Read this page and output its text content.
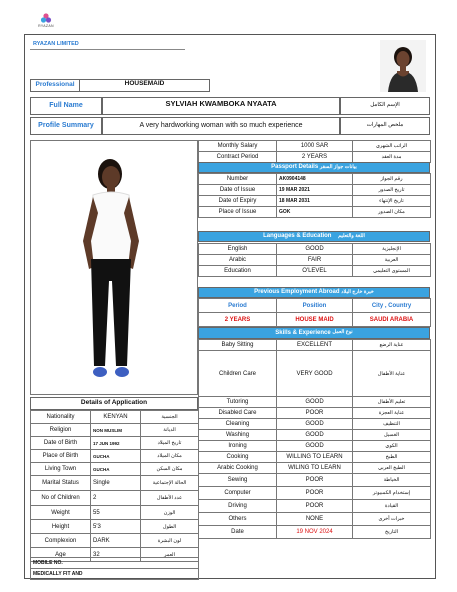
RYAZAN
RYAZAN LIMITED
Professional	HOUSEMAID
Full Name	SYLVIAH KWAMBOKA NYAATA	الإسم الكامل
Profile Summary	A very hardworking woman with so much experience	ملخص المهارات
Monthly Salary	1000 SAR	الراتب الشهري
Contract Period	2 YEARS	مدة العقد
Passport Details
بيانات جواز السفر
Number	AK0904148	رقم الجواز
Date of Issue	19 MAR 2021	تاريخ الصدور
Date of Expiry	18 MAR 2031	تاريخ الإنتهاء
Place of Issue	GOK	مكان الصدور
Languages & Education
اللغة والتعليم
English	GOOD	الإنجليزية
Arabic	FAIR	العربية
Education	O'LEVEL	المستوى التعليمي
Previous Employment Abroad
خبرة خارج البلاد
Period	Position	City , Country
2 YEARS	HOUSE MAID	SAUDI ARABIA
Skills & Experience
نوع العمل
Baby Sitting	EXCELLENT	عناية الرضع
Children Care	VERY GOOD	عناية الأطفال
Tutoring	GOOD	تعليم الأطفال
Disabled Care	POOR	عناية العجزة
Cleaning	GOOD	التنظيف
Washing	GOOD	الغسيل
Ironing	GOOD	الكوي
Cooking	WILLING TO LEARN	الطبخ
Arabic Cooking	WILING TO LEARN	الطبخ العربي
Sewing	POOR	الخياطة
Computer	POOR	إستخدام الكمبيوتر
Driving	POOR	القيادة
Others	NONE	خبرات أخرى
Date	19 NOV 2024	التاريخ
Details of Application
Nationality	KENYAN	الجنسية
Religion	NON MUSLIM	الديانة
Date of Birth	17 JUN 1992	تاريخ الميلاد
Place of Birth	GUCHA	مكان الميلاد
Living Town	GUCHA	مكان السكن
Marital Status	Single	الحالة الإجتماعية
No of Children	2	عدد الأطفال
Weight	55	الوزن
Height	5'3	الطول
Complexion	DARK	لون البشرة
Age	32	العمر
MOBILE NO.
MEDICALLY FIT AND
